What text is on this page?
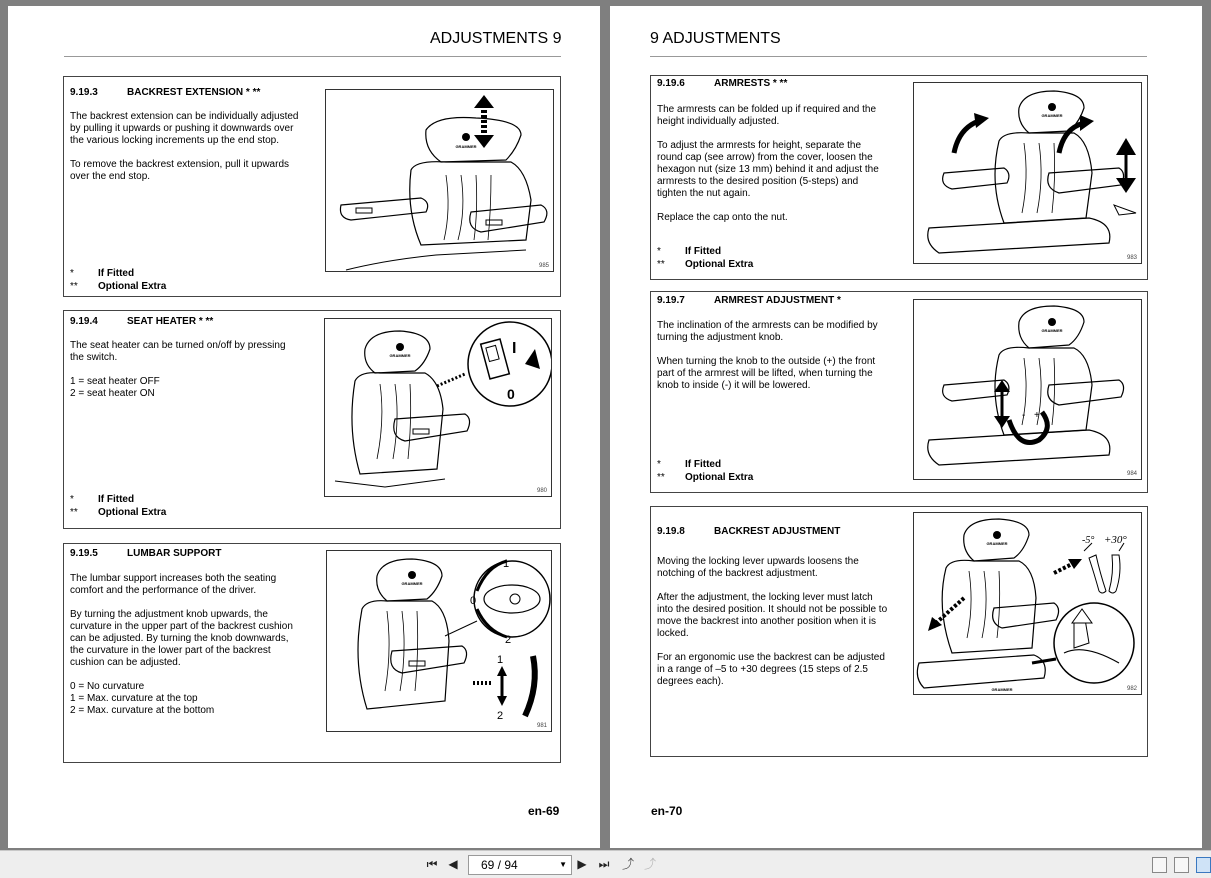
ADJUSTMENTS 9
9.19.3	BACKREST EXTENSION * **

The backrest extension can be individually adjusted by pulling it upwards or pushing it downwards over the various locking increments up the end stop.

To remove the backrest extension, pull it upwards over the end stop.

* If Fitted
** Optional Extra
GRAMMER
985
9.19.4	SEAT HEATER * **

The seat heater can be turned on/off by pressing the switch.

1 = seat heater OFF

2 = seat heater ON

* If Fitted
** Optional Extra
GRAMMER	I
0
980
9.19.5	LUMBAR SUPPORT

The lumbar support increases both the seating comfort and the performance of the driver.

By turning the adjustment knob upwards, the curvature in the upper part of the backrest cushion can be adjusted. By turning the knob downwards, the curvature in the lower part of the backrest cushion can be adjusted.

0 = No curvature

1 = Max. curvature at the top

2 = Max. curvature at the bottom

GRAMMER
1
0
2
1
2
981
en-69
9 ADJUSTMENTS
9.19.6	ARMRESTS * **

The armrests can be folded up if required and the height individually adjusted.

To adjust the armrests for height, separate the round cap (see arrow) from the cover, loosen the hexagon nut (size 13 mm) behind it and adjust the armrests to the desired position (5-steps) and tighten the nut again.

Replace the cap onto the nut.

* If Fitted
** Optional Extra
GRAMMER
983
9.19.7	ARMREST ADJUSTMENT *

The inclination of the armrests can be modified by turning the adjustment knob.

When turning the knob to the outside (+) the front part of the armrest will be lifted, when turning the knob to inside (-) it will be lowered.

* If Fitted
** Optional Extra
GRAMMER
- +
984
9.19.8	BACKREST ADJUSTMENT

Moving the locking lever upwards loosens the notching of the backrest adjustment.

After the adjustment, the locking lever must latch into the desired position. It should not be possible to move the backrest into another position when it is locked.

For an ergonomic use the backrest can be adjusted in a range of –5 to +30 degrees (15 steps of 2.5 degrees each).

GRAMMER
GRAMMER
-5° +30°
982
en-70
⏮ ◀ 69 / 94	▼ ▶ ⏭ ⤴ ⤴
